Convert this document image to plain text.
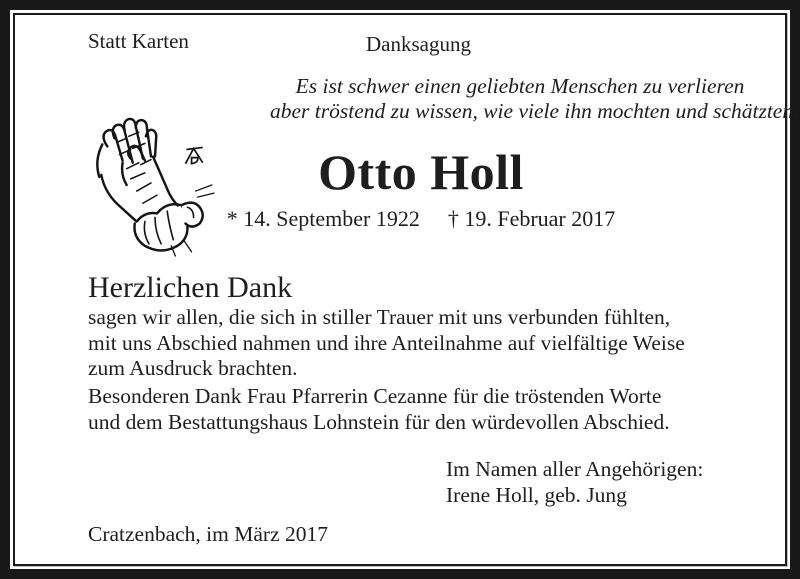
Statt Karten	Danksagung
Es ist schwer einen geliebten Menschen zu verlieren
aber tröstend zu wissen, wie viele ihn mochten und schätzten.
Otto Holl
* 14. September 1922 † 19. Februar 2017
Herzlichen Dank
sagen wir allen, die sich in stiller Trauer mit uns verbunden fühlten,
mit uns Abschied nahmen und ihre Anteilnahme auf vielfältige Weise
zum Ausdruck brachten.
Besonderen Dank Frau Pfarrerin Cezanne für die tröstenden Worte
und dem Bestattungshaus Lohnstein für den würdevollen Abschied.
Im Namen aller Angehörigen:
Irene Holl, geb. Jung
Cratzenbach, im März 2017
